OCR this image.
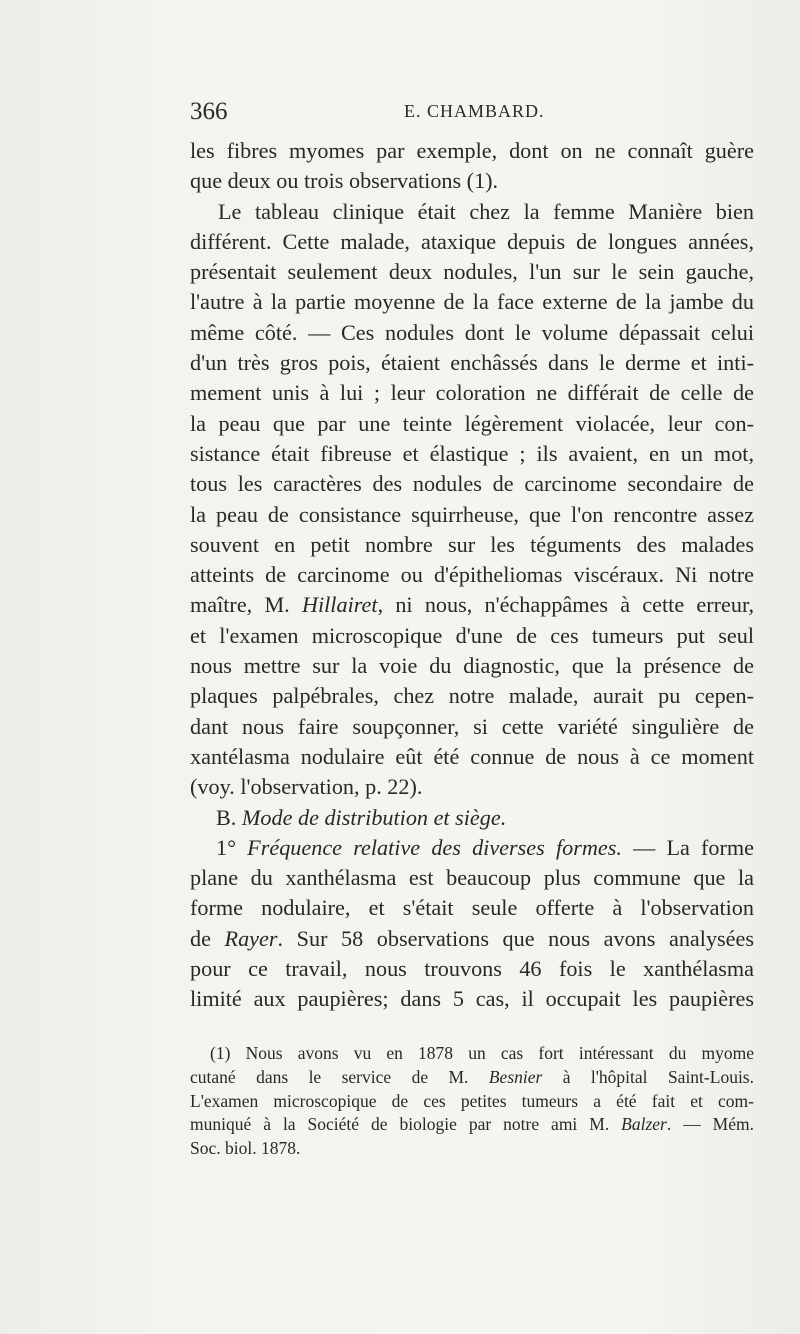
366	E. CHAMBARD.

les fibres myomes par exemple, dont on ne connaît guère
que deux ou trois observations (1).

Le tableau clinique était chez la femme Manière bien
différent. Cette malade, ataxique depuis de longues années,
présentait seulement deux nodules, l'un sur le sein gauche,
l'autre à la partie moyenne de la face externe de la jambe du
même côté. — Ces nodules dont le volume dépassait celui
d'un très gros pois, étaient enchâssés dans le derme et inti-
mement unis à lui ; leur coloration ne différait de celle de
la peau que par une teinte légèrement violacée, leur con-
sistance était fibreuse et élastique ; ils avaient, en un mot,
tous les caractères des nodules de carcinome secondaire de
la peau de consistance squirrheuse, que l'on rencontre assez
souvent en petit nombre sur les téguments des malades
atteints de carcinome ou d'épitheliomas viscéraux. Ni notre
maître, M. Hillairet, ni nous, n'échappâmes à cette erreur,
et l'examen microscopique d'une de ces tumeurs put seul
nous mettre sur la voie du diagnostic, que la présence de
plaques palpébrales, chez notre malade, aurait pu cepen-
dant nous faire soupçonner, si cette variété singulière de
xantélasma nodulaire eût été connue de nous à ce moment
(voy. l'observation, p. 22).

B. Mode de distribution et siège.

1° Fréquence relative des diverses formes. — La forme
plane du xanthélasma est beaucoup plus commune que la
forme nodulaire, et s'était seule offerte à l'observation
de Rayer. Sur 58 observations que nous avons analysées
pour ce travail, nous trouvons 46 fois le xanthélasma
limité aux paupières; dans 5 cas, il occupait les paupières

(1) Nous avons vu en 1878 un cas fort intéressant du myome
cutané dans le service de M. Besnier à l'hôpital Saint-Louis.
L'examen microscopique de ces petites tumeurs a été fait et com-
muniqué à la Société de biologie par notre ami M. Balzer. — Mém.
Soc. biol. 1878.
